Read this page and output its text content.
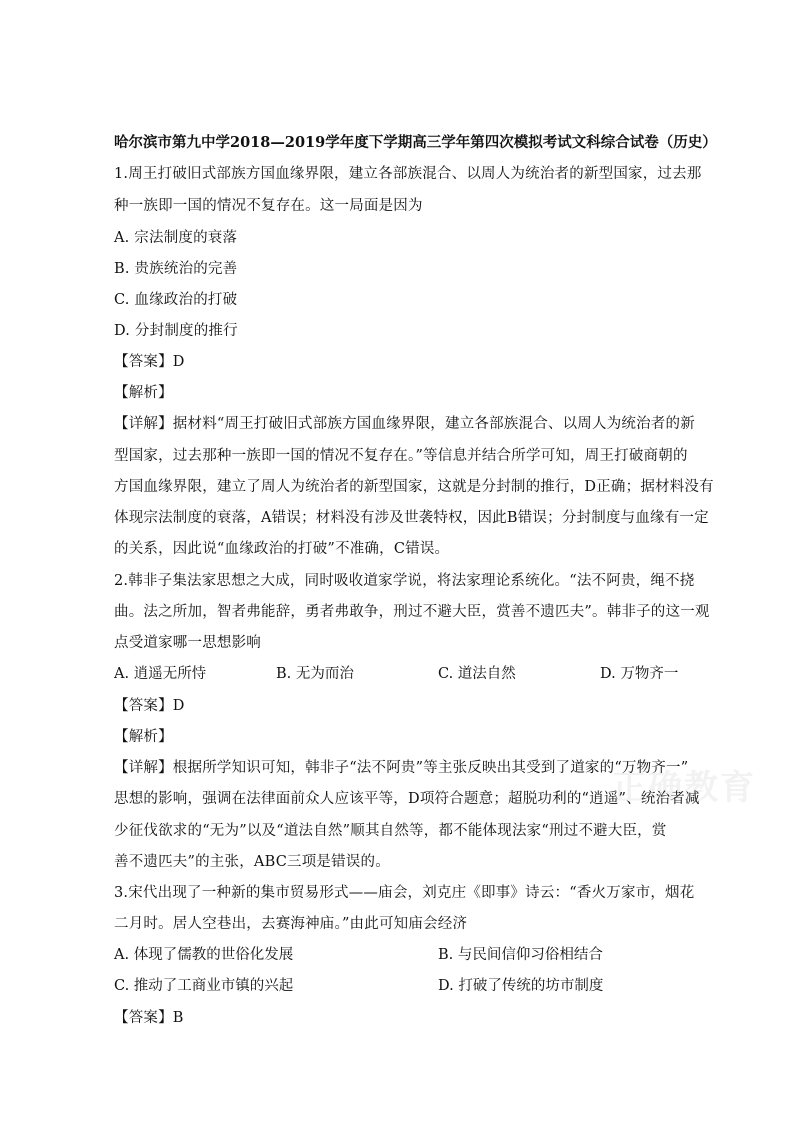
正确教育
哈尔滨市第九中学2018—2019学年度下学期高三学年第四次模拟考试文科综合试卷（历史）
1.周王打破旧式部族方国血缘界限，建立各部族混合、以周人为统治者的新型国家，过去那
种一族即一国的情况不复存在。这一局面是因为
A. 宗法制度的衰落
B. 贵族统治的完善
C. 血缘政治的打破
D. 分封制度的推行
【答案】D
【解析】
【详解】据材料“周王打破旧式部族方国血缘界限，建立各部族混合、以周人为统治者的新
型国家，过去那种一族即一国的情况不复存在。”等信息并结合所学可知，周王打破商朝的
方国血缘界限，建立了周人为统治者的新型国家，这就是分封制的推行，D正确；据材料没有
体现宗法制度的衰落，A错误；材料没有涉及世袭特权，因此B错误；分封制度与血缘有一定
的关系，因此说“血缘政治的打破”不准确，C错误。
2.韩非子集法家思想之大成，同时吸收道家学说，将法家理论系统化。“法不阿贵，绳不挠
曲。法之所加，智者弗能辞，勇者弗敢争，刑过不避大臣，赏善不遗匹夫”。韩非子的这一观
点受道家哪一思想影响
A. 逍遥无所恃	B. 无为而治	C. 道法自然	D. 万物齐一
【答案】D
【解析】
【详解】根据所学知识可知，韩非子“法不阿贵”等主张反映出其受到了道家的“万物齐一”
思想的影响，强调在法律面前众人应该平等，D项符合题意；超脱功利的“逍遥”、统治者减
少征伐欲求的“无为”以及“道法自然”顺其自然等，都不能体现法家“刑过不避大臣，赏
善不遗匹夫”的主张，ABC三项是错误的。
3.宋代出现了一种新的集市贸易形式——庙会，刘克庄《即事》诗云：“香火万家市，烟花
二月时。居人空巷出，去赛海神庙。”由此可知庙会经济
A. 体现了儒教的世俗化发展	B. 与民间信仰习俗相结合
C. 推动了工商业市镇的兴起	D. 打破了传统的坊市制度
【答案】B
